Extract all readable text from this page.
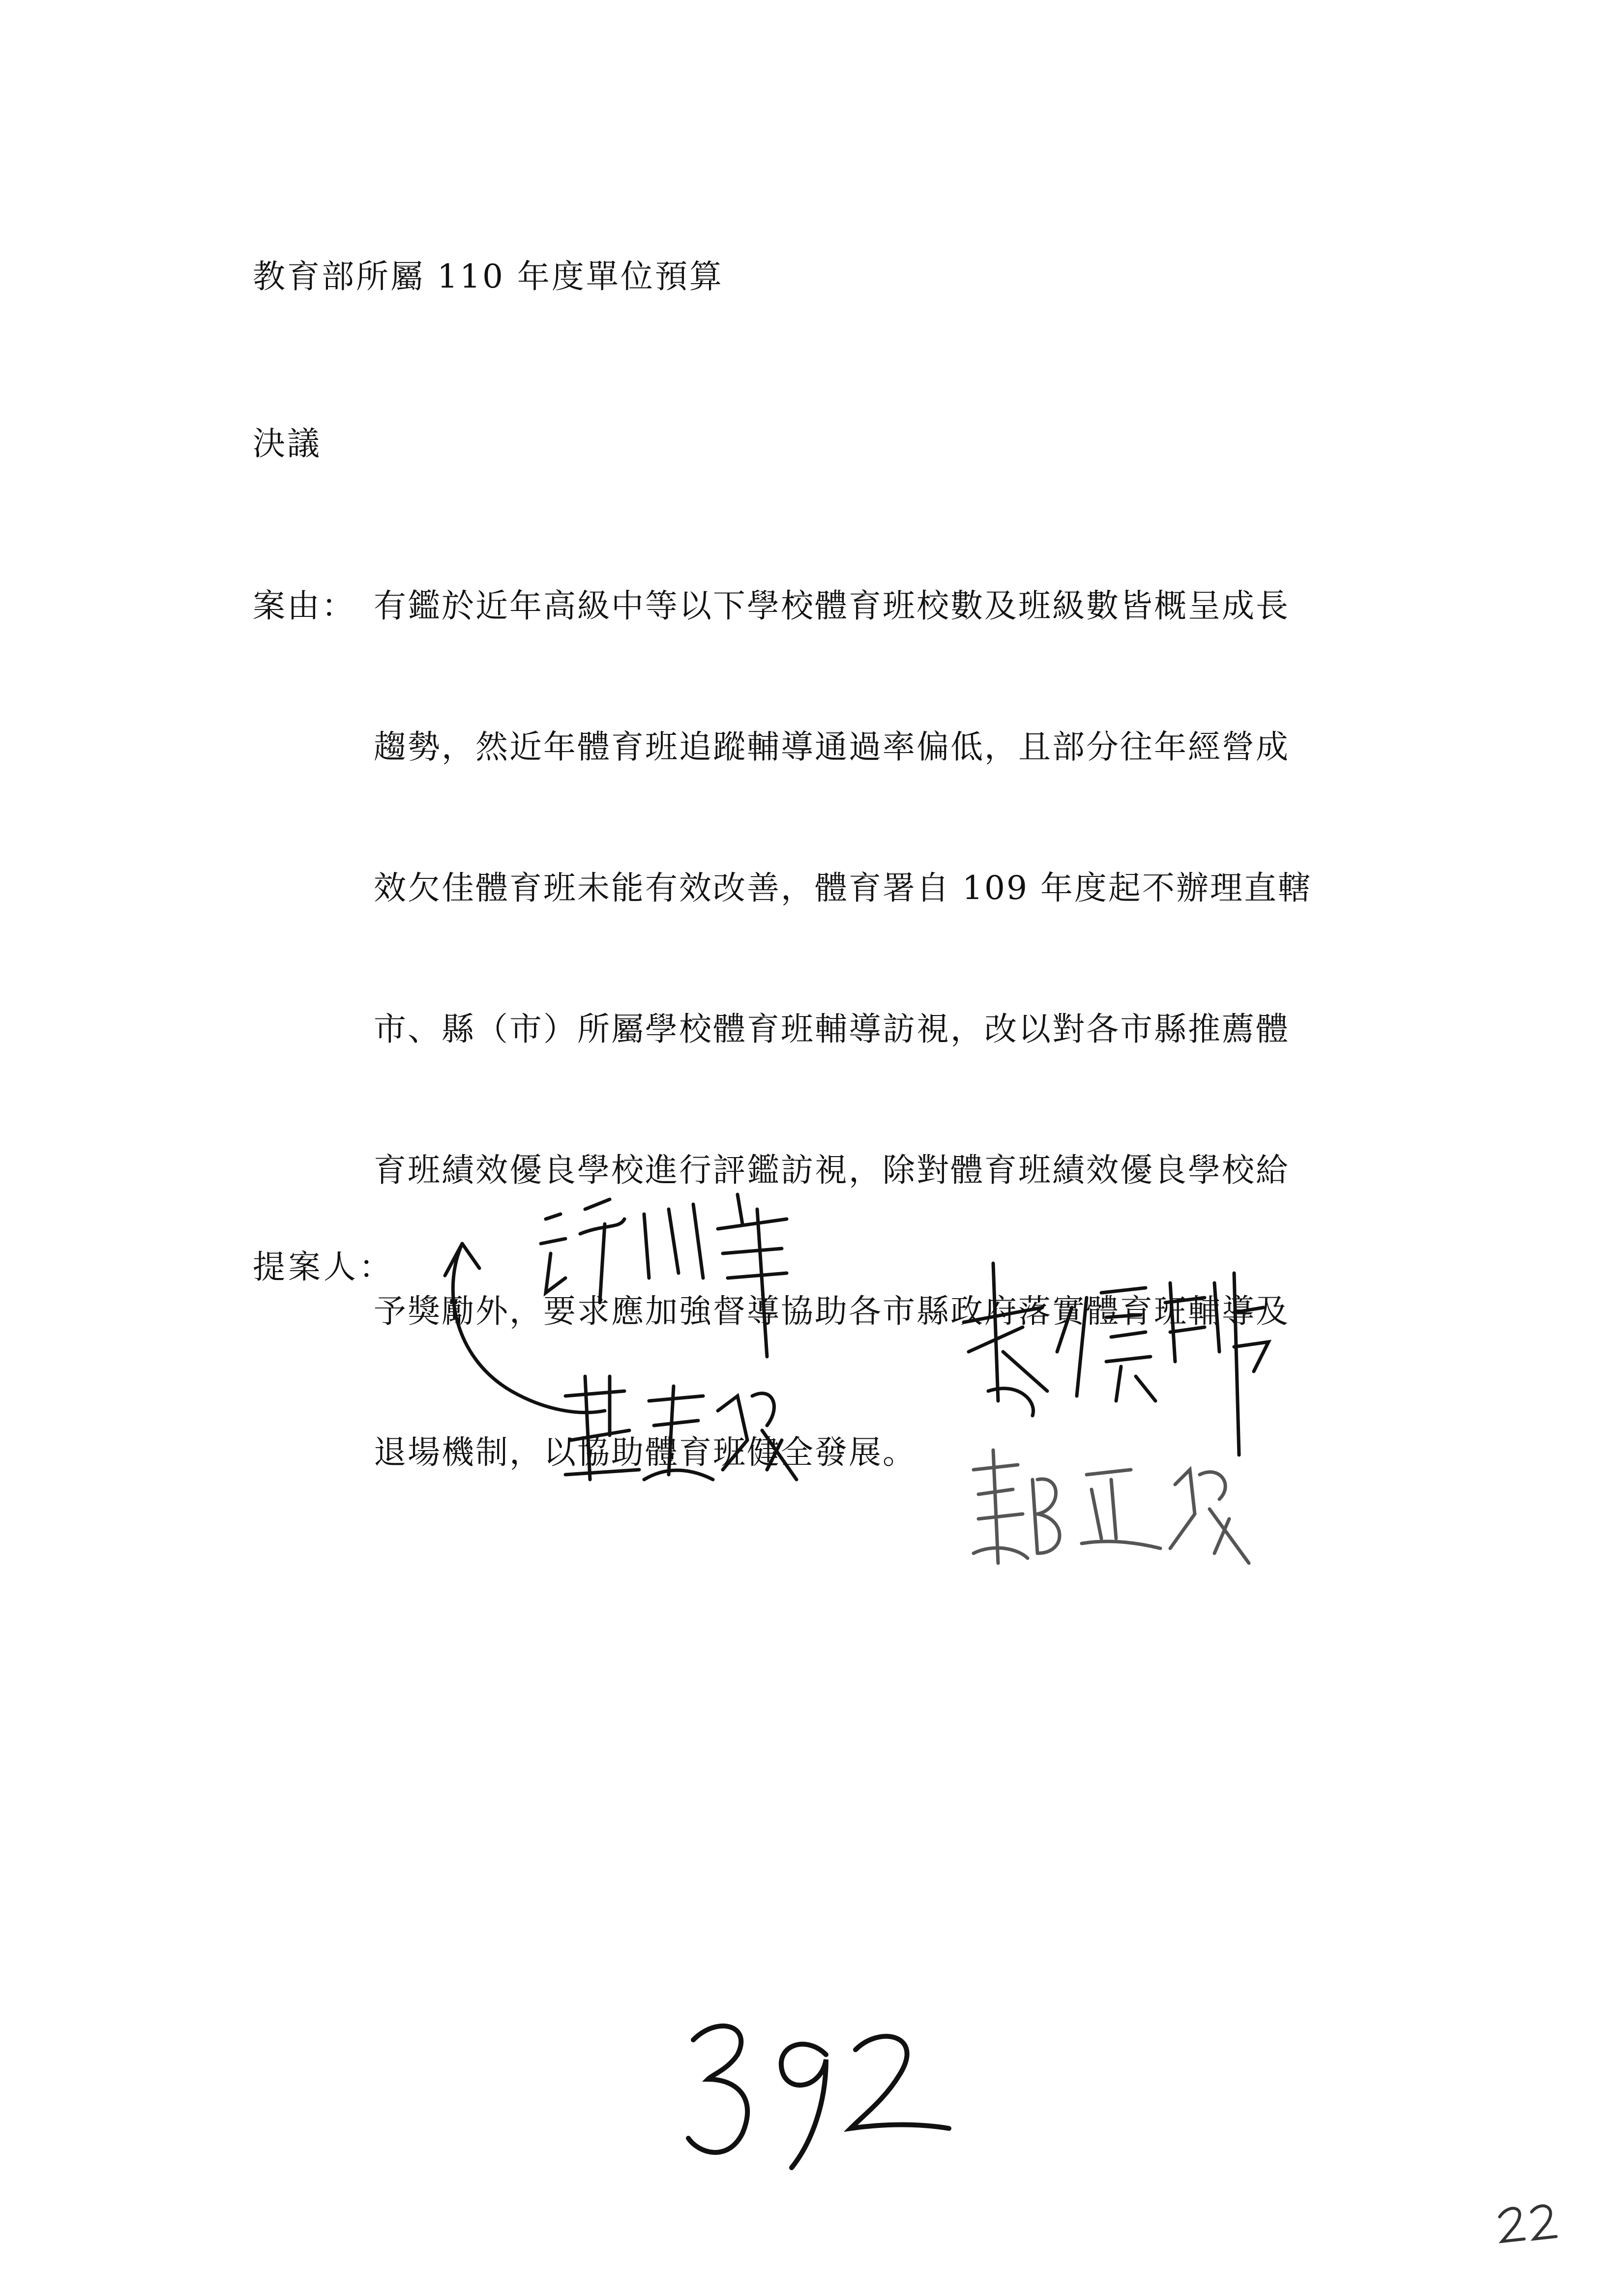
教育部所屬 110 年度單位預算
決議
案由： 有鑑於近年高級中等以下學校體育班校數及班級數皆概呈成長
趨勢，然近年體育班追蹤輔導通過率偏低，且部分往年經營成
效欠佳體育班未能有效改善，體育署自 109 年度起不辦理直轄
市、縣（市）所屬學校體育班輔導訪視，改以對各市縣推薦體
育班績效優良學校進行評鑑訪視，除對體育班績效優良學校給
予獎勵外，要求應加強督導協助各市縣政府落實體育班輔導及
退場機制，以協助體育班健全發展。
提案人：
